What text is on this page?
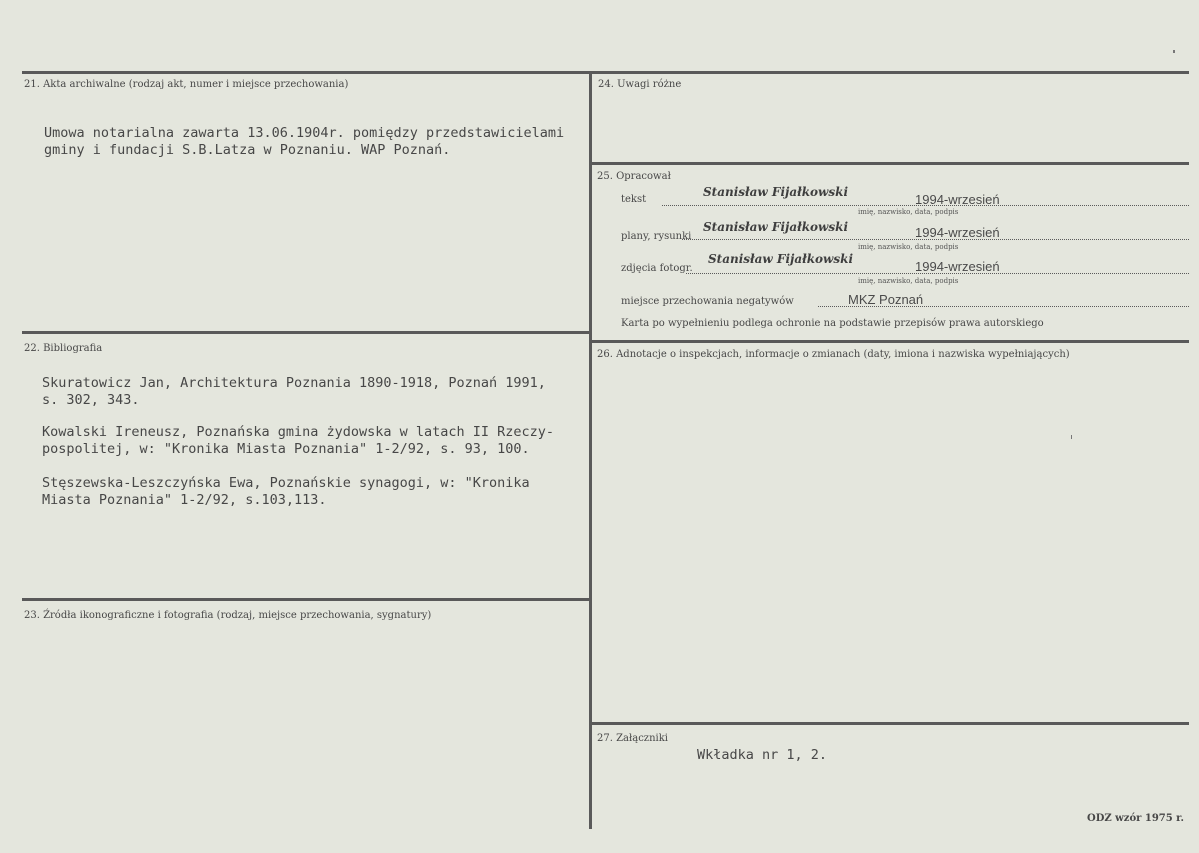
21. Akta archiwalne (rodzaj akt, numer i miejsce przechowania)
Umowa notarialna zawarta 13.06.1904r. pomiędzy przedstawicielami
gminy i fundacji S.B.Latza w Poznaniu. WAP Poznań.
22. Bibliografia
Skuratowicz Jan, Architektura Poznania 1890-1918, Poznań 1991,
s. 302, 343.
Kowalski Ireneusz, Poznańska gmina żydowska w latach II Rzeczy-
pospolitej, w: "Kronika Miasta Poznania" 1-2/92, s. 93, 100.
Stęszewska-Leszczyńska Ewa, Poznańskie synagogi, w: "Kronika
Miasta Poznania" 1-2/92, s.103,113.
23. Źródła ikonograficzne i fotografia (rodzaj, miejsce przechowania, sygnatury)
24. Uwagi różne
25. Opracował
tekst
Stanisław Fijałkowski	1994-wrzesień
imię, nazwisko, data, podpis
plany, rysunki
Stanisław Fijałkowski	1994-wrzesień
imię, nazwisko, data, podpis
zdjęcia fotogr.
Stanisław Fijałkowski	1994-wrzesień
imię, nazwisko, data, podpis
miejsce przechowania negatywów	MKZ Poznań
Karta po wypełnieniu podlega ochronie na podstawie przepisów prawa autorskiego
26. Adnotacje o inspekcjach, informacje o zmianach (daty, imiona i nazwiska wypełniających)
27. Załączniki
Wkładka nr 1, 2.
ODZ wzór 1975 r.
